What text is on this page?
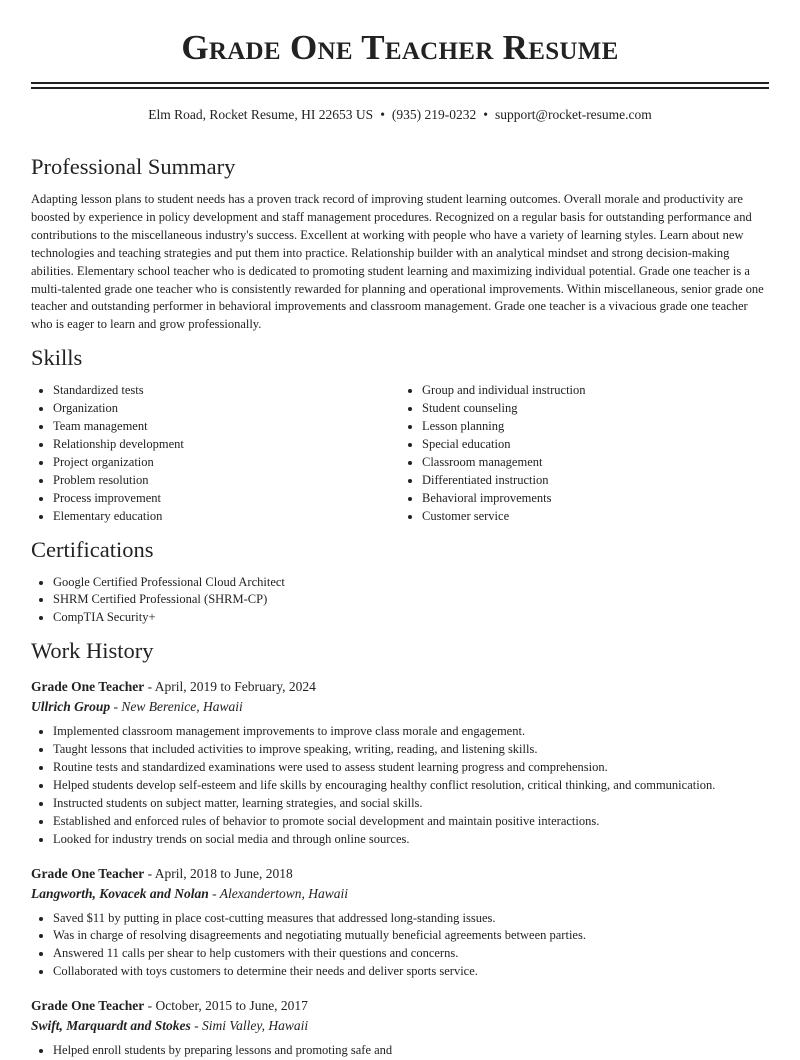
Grade One Teacher Resume
Elm Road, Rocket Resume, HI 22653 US • (935) 219-0232 • support@rocket-resume.com
Professional Summary

Adapting lesson plans to student needs has a proven track record of improving student learning outcomes. Overall morale and productivity are boosted by experience in policy development and staff management procedures. Recognized on a regular basis for outstanding performance and contributions to the miscellaneous industry's success. Excellent at working with people who have a variety of learning styles. Learn about new technologies and teaching strategies and put them into practice. Relationship builder with an analytical mindset and strong decision-making abilities. Elementary school teacher who is dedicated to promoting student learning and maximizing individual potential. Grade one teacher is a multi-talented grade one teacher who is consistently rewarded for planning and operational improvements. Within miscellaneous, senior grade one teacher and outstanding performer in behavioral improvements and classroom management. Grade one teacher is a vivacious grade one teacher who is eager to learn and grow professionally.

Skills
• Standardized tests
• Organization
• Team management
• Relationship development
• Project organization
• Problem resolution
• Process improvement
• Elementary education
• Group and individual instruction
• Student counseling
• Lesson planning
• Special education
• Classroom management
• Differentiated instruction
• Behavioral improvements
• Customer service
Certifications
• Google Certified Professional Cloud Architect
• SHRM Certified Professional (SHRM-CP)
• CompTIA Security+
Work History
Grade One Teacher - April, 2019 to February, 2024
Ullrich Group - New Berenice, Hawaii
• Implemented classroom management improvements to improve class morale and engagement.
• Taught lessons that included activities to improve speaking, writing, reading, and listening skills.
• Routine tests and standardized examinations were used to assess student learning progress and comprehension.
• Helped students develop self-esteem and life skills by encouraging healthy conflict resolution, critical thinking, and communication.
• Instructed students on subject matter, learning strategies, and social skills.
• Established and enforced rules of behavior to promote social development and maintain positive interactions.
• Looked for industry trends on social media and through online sources.
Grade One Teacher - April, 2018 to June, 2018
Langworth, Kovacek and Nolan - Alexandertown, Hawaii
• Saved $11 by putting in place cost-cutting measures that addressed long-standing issues.
• Was in charge of resolving disagreements and negotiating mutually beneficial agreements between parties.
• Answered 11 calls per shear to help customers with their questions and concerns.
• Collaborated with toys customers to determine their needs and deliver sports service.
Grade One Teacher - October, 2015 to June, 2017
Swift, Marquardt and Stokes - Simi Valley, Hawaii
• Helped enroll students by preparing lessons and promoting safe and
